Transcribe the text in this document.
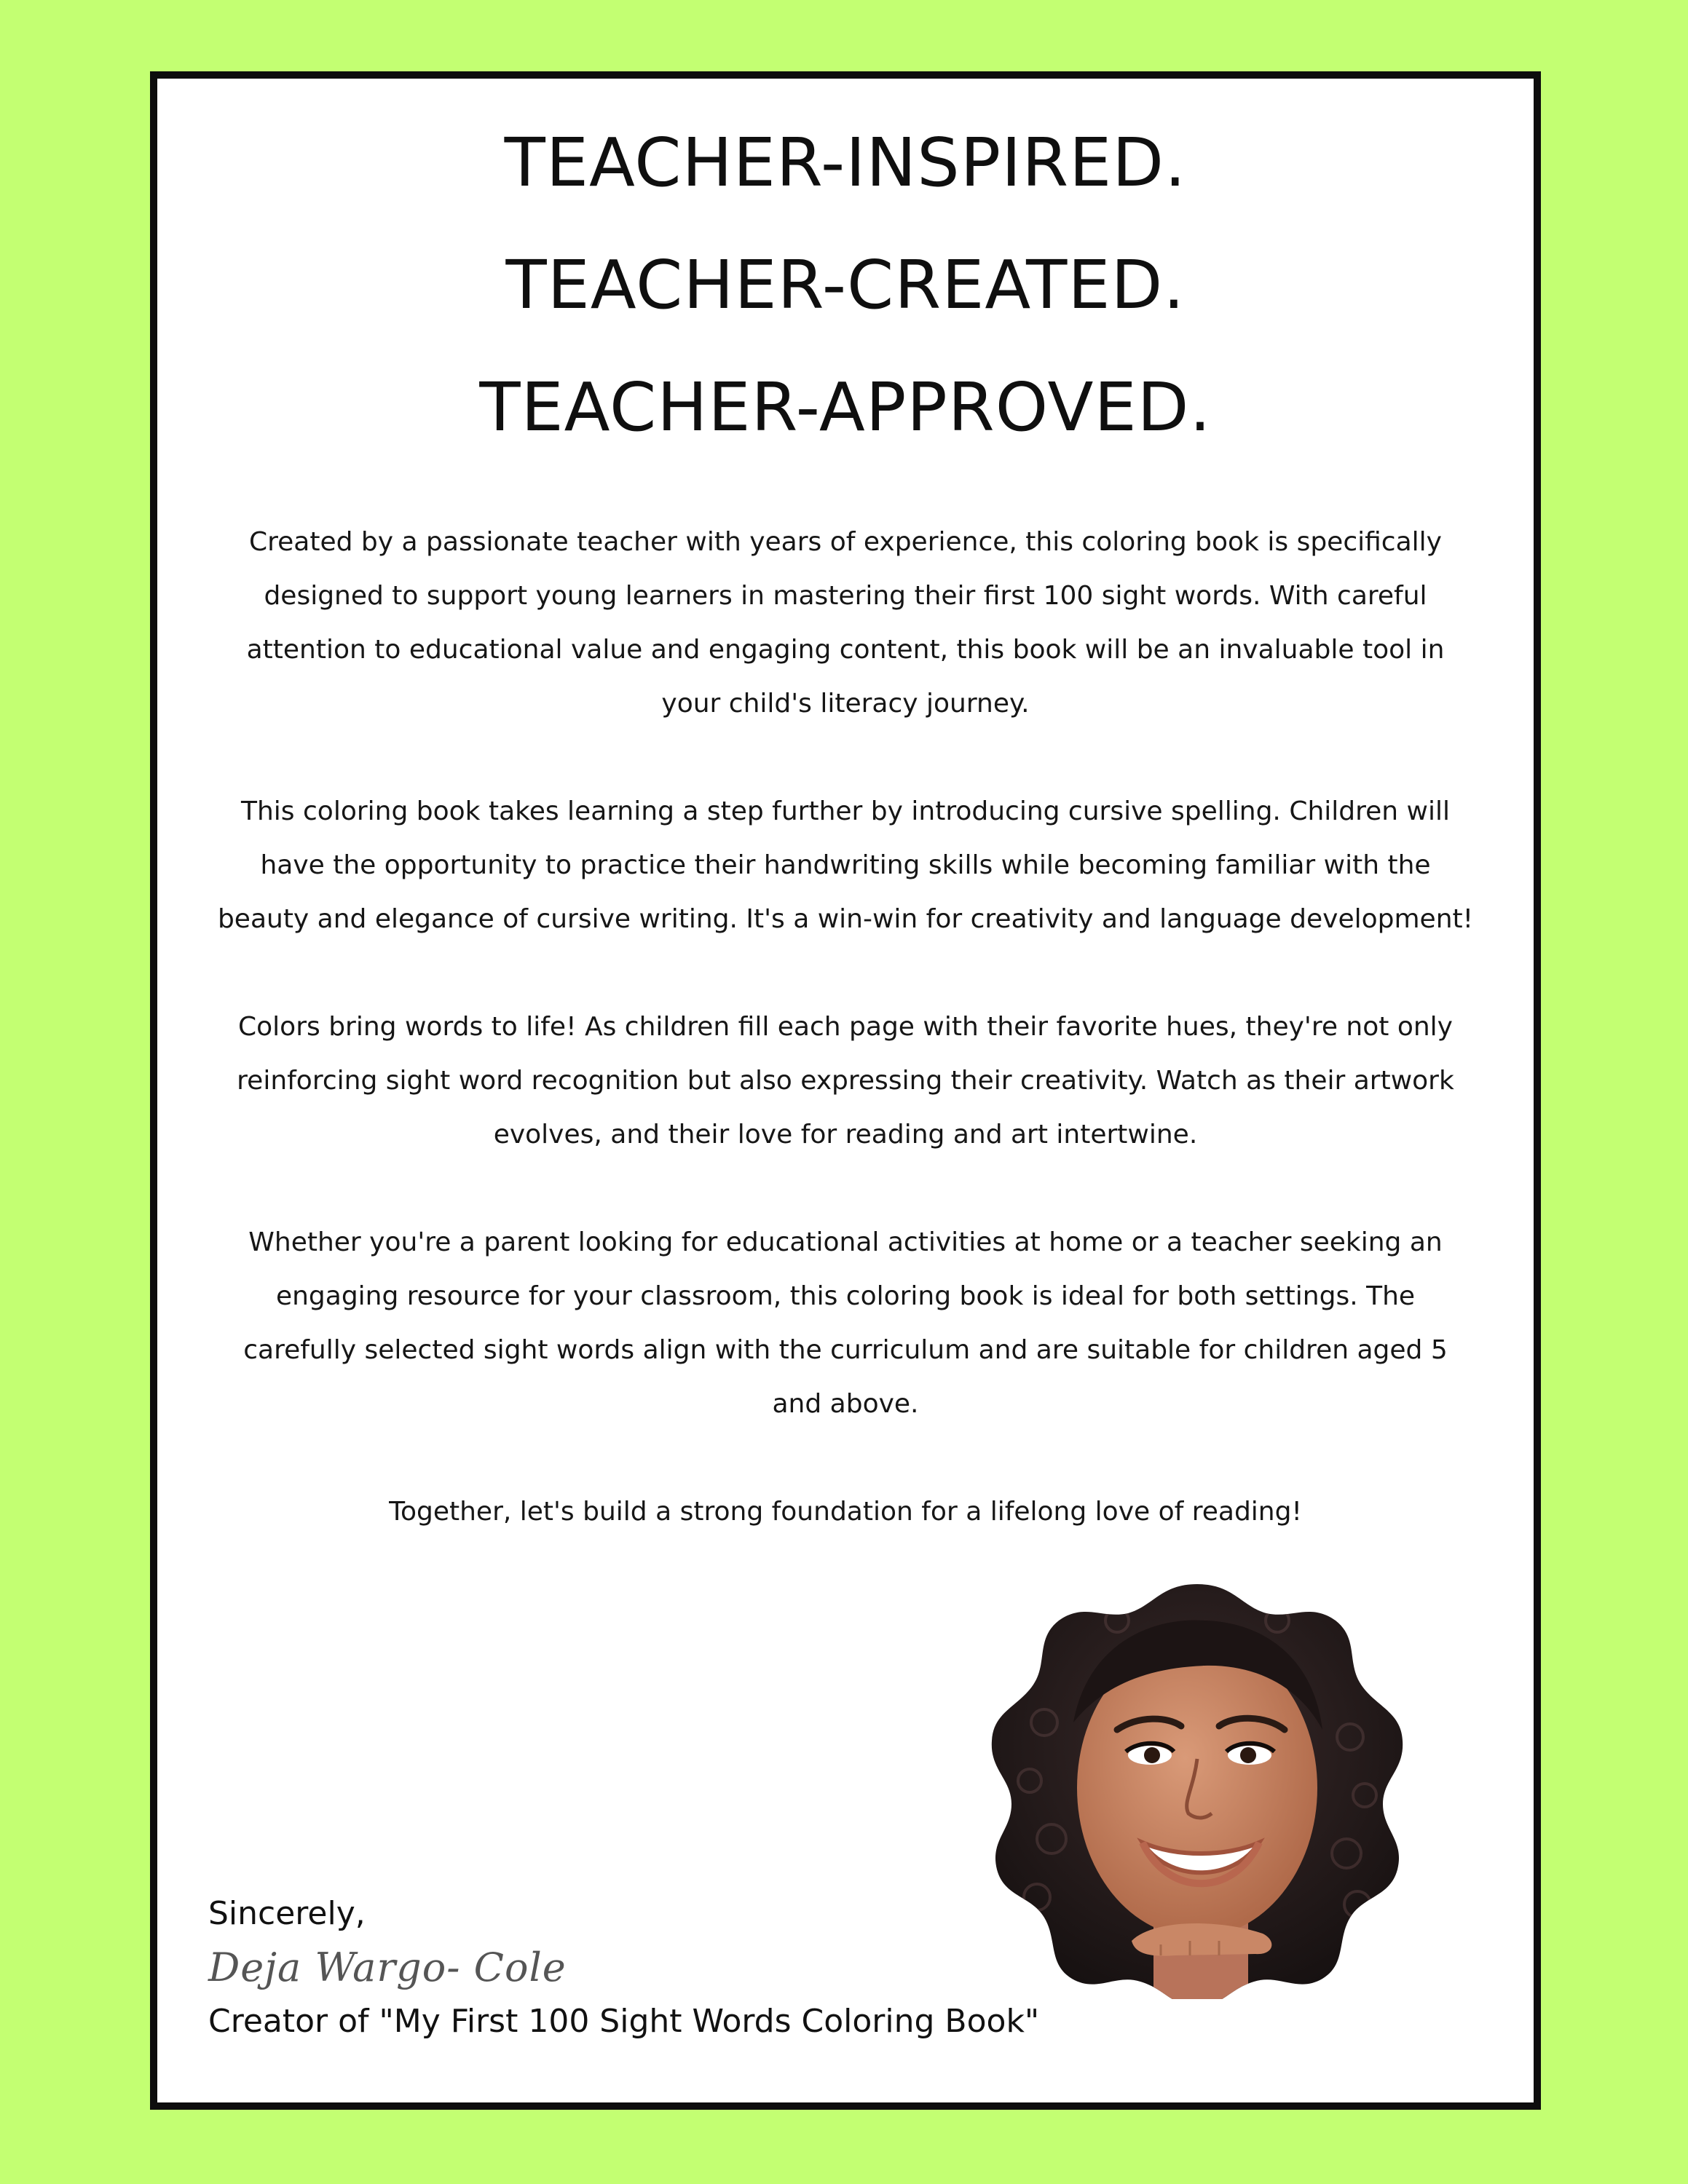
TEACHER-INSPIRED.
TEACHER-CREATED.
TEACHER-APPROVED.

Created by a passionate teacher with years of experience, this coloring book is specifically designed to support young learners in mastering their first 100 sight words. With careful attention to educational value and engaging content, this book will be an invaluable tool in your child's literacy journey.

This coloring book takes learning a step further by introducing cursive spelling. Children will have the opportunity to practice their handwriting skills while becoming familiar with the beauty and elegance of cursive writing. It's a win-win for creativity and language development!

Colors bring words to life! As children fill each page with their favorite hues, they're not only reinforcing sight word recognition but also expressing their creativity. Watch as their artwork evolves, and their love for reading and art intertwine.

Whether you're a parent looking for educational activities at home or a teacher seeking an engaging resource for your classroom, this coloring book is ideal for both settings. The carefully selected sight words align with the curriculum and are suitable for children aged 5 and above.

Together, let's build a strong foundation for a lifelong love of reading!

Sincerely,
Deja Wargo- Cole
Creator of "My First 100 Sight Words Coloring Book"
